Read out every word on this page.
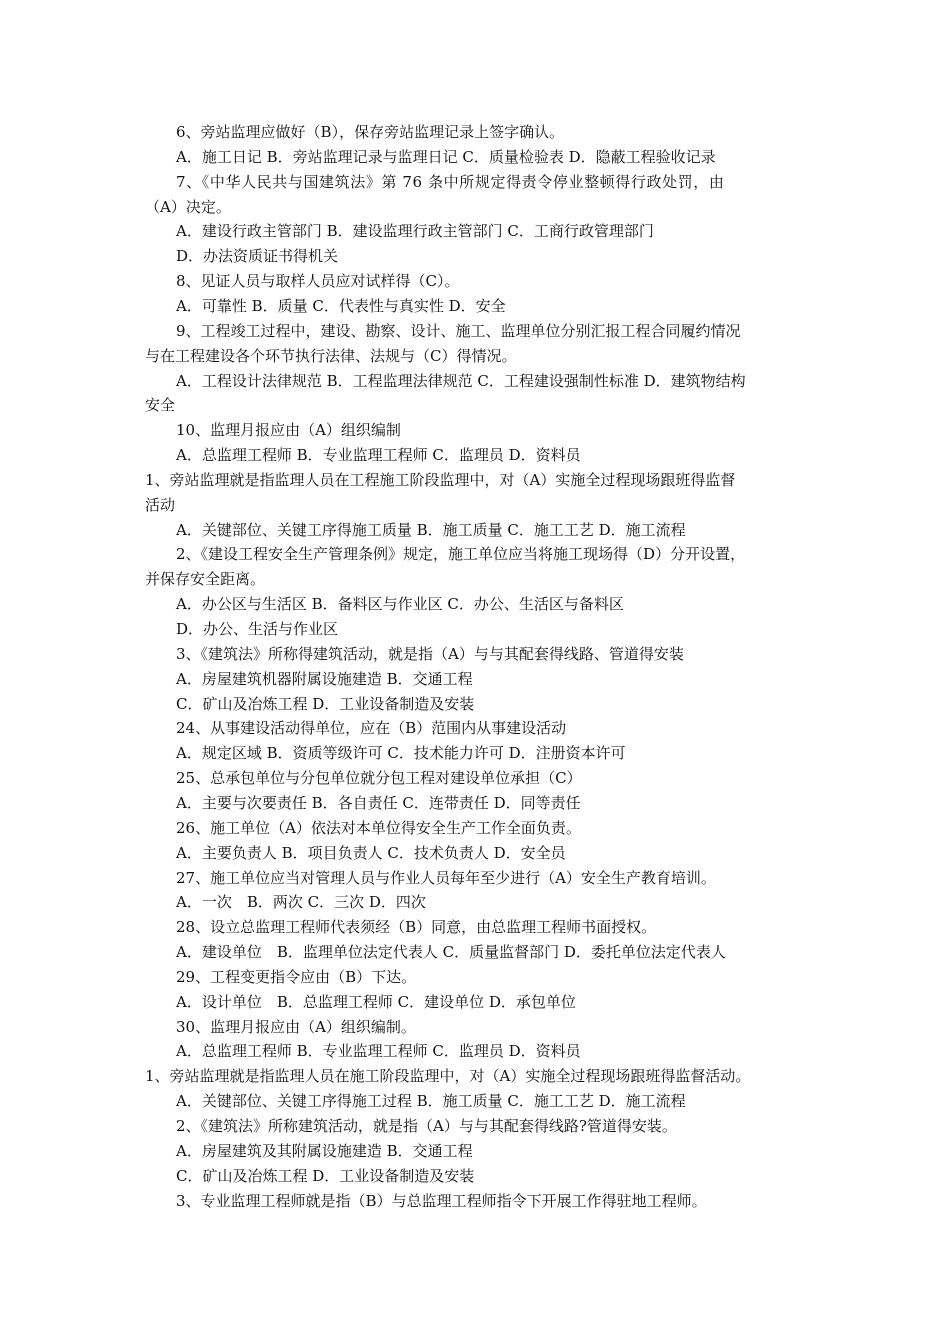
6、旁站监理应做好（B），保存旁站监理记录上签字确认。
A．施工日记 B．旁站监理记录与监理日记 C．质量检验表 D．隐蔽工程验收记录
7、《中华人民共与国建筑法》第 76 条中所规定得责令停业整顿得行政处罚，由
（A）决定。
A．建设行政主管部门 B．建设监理行政主管部门 C．工商行政管理部门
D．办法资质证书得机关
8、见证人员与取样人员应对试样得（C）。
A．可靠性 B．质量 C．代表性与真实性 D．安全
9、工程竣工过程中，建设、勘察、设计、施工、监理单位分别汇报工程合同履约情况
与在工程建设各个环节执行法律、法规与（C）得情况。
A．工程设计法律规范 B．工程监理法律规范 C．工程建设强制性标准 D．建筑物结构
安全
10、监理月报应由（A）组织编制
A．总监理工程师 B．专业监理工程师 C．监理员 D．资料员
1、旁站监理就是指监理人员在工程施工阶段监理中，对（A）实施全过程现场跟班得监督
活动
A．关键部位、关键工序得施工质量 B．施工质量 C．施工工艺 D．施工流程
2、《建设工程安全生产管理条例》规定，施工单位应当将施工现场得（D）分开设置，
并保存安全距离。
A．办公区与生活区 B．备料区与作业区 C．办公、生活区与备料区
D．办公、生活与作业区
3、《建筑法》所称得建筑活动，就是指（A）与与其配套得线路、管道得安装
A．房屋建筑机器附属设施建造 B．交通工程
C．矿山及冶炼工程 D．工业设备制造及安装
24、从事建设活动得单位，应在（B）范围内从事建设活动
A．规定区域 B．资质等级许可 C．技术能力许可 D．注册资本许可
25、总承包单位与分包单位就分包工程对建设单位承担（C）
A．主要与次要责任 B．各自责任 C．连带责任 D．同等责任
26、施工单位（A）依法对本单位得安全生产工作全面负责。
A．主要负责人 B．项目负责人 C．技术负责人 D．安全员
27、施工单位应当对管理人员与作业人员每年至少进行（A）安全生产教育培训。
A．一次　B．两次 C．三次 D．四次
28、设立总监理工程师代表须经（B）同意，由总监理工程师书面授权。
A．建设单位　B．监理单位法定代表人 C．质量监督部门 D．委托单位法定代表人
29、工程变更指令应由（B）下达。
A．设计单位　B．总监理工程师 C．建设单位 D．承包单位
30、监理月报应由（A）组织编制。
A．总监理工程师 B．专业监理工程师 C．监理员 D．资料员
1、旁站监理就是指监理人员在施工阶段监理中，对（A）实施全过程现场跟班得监督活动。
A．关键部位、关键工序得施工过程 B．施工质量 C．施工工艺 D．施工流程
2、《建筑法》所称建筑活动，就是指（A）与与其配套得线路?管道得安装。
A．房屋建筑及其附属设施建造 B．交通工程
C．矿山及冶炼工程 D．工业设备制造及安装
3、专业监理工程师就是指（B）与总监理工程师指令下开展工作得驻地工程师。
